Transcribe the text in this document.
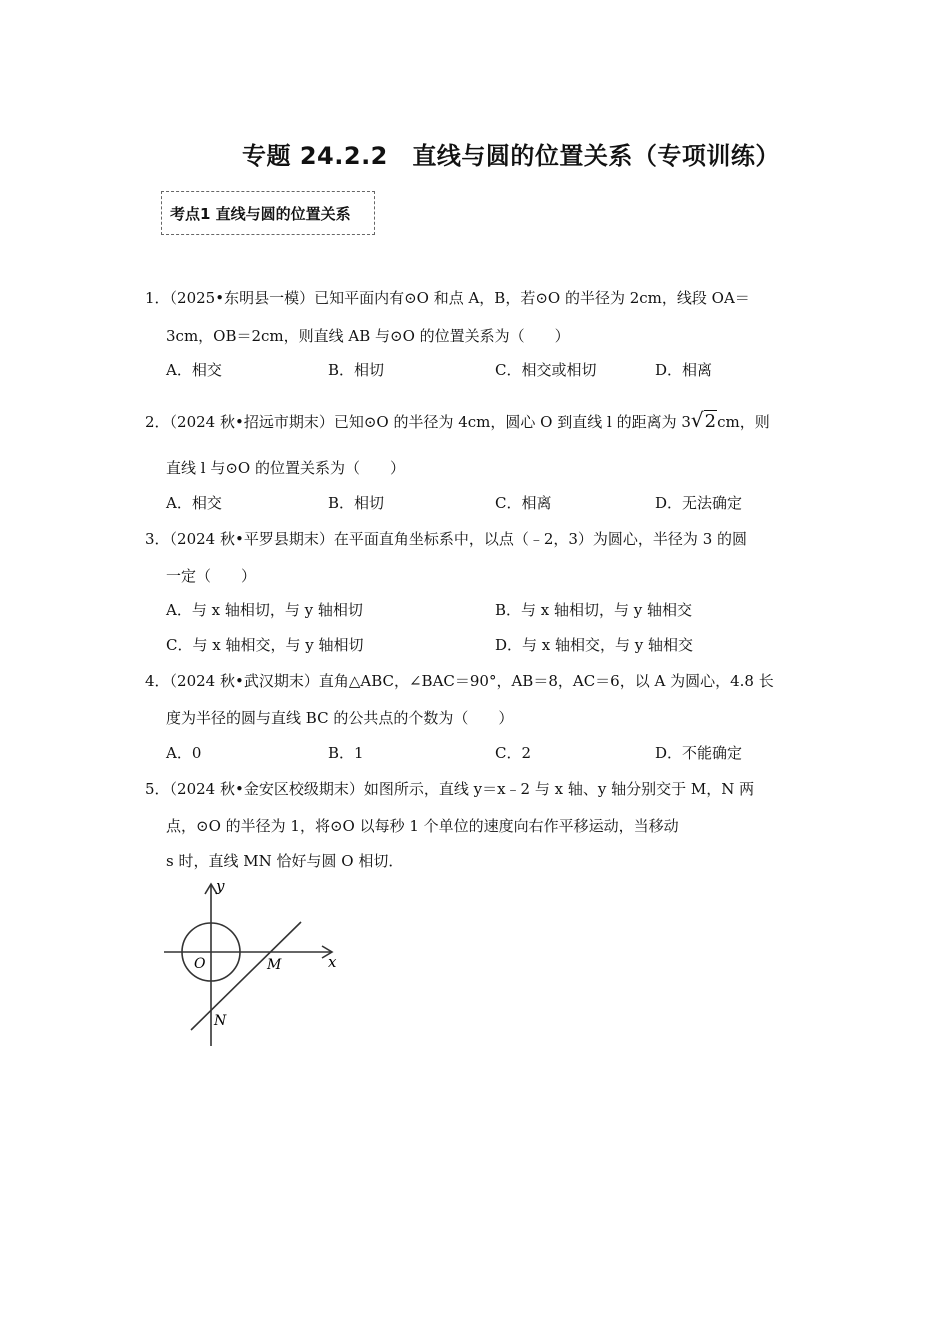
专题 24.2.2　直线与圆的位置关系（专项训练）
考点1 直线与圆的位置关系
1．（2025•东明县一模）已知平面内有⊙O 和点 A，B，若⊙O 的半径为 2cm，线段 OA＝
3cm，OB＝2cm，则直线 AB 与⊙O 的位置关系为（　　）
A．相交	B．相切	C．相交或相切	D．相离
2．（2024 秋•招远市期末）已知⊙O 的半径为 4cm，圆心 O 到直线 l 的距离为 3√2cm，则
直线 l 与⊙O 的位置关系为（　　）
A．相交	B．相切	C．相离	D．无法确定
3．（2024 秋•平罗县期末）在平面直角坐标系中，以点（﹣2，3）为圆心，半径为 3 的圆
一定（　　）
A．与 x 轴相切，与 y 轴相切	B．与 x 轴相切，与 y 轴相交
C．与 x 轴相交，与 y 轴相切	D．与 x 轴相交，与 y 轴相交
4．（2024 秋•武汉期末）直角△ABC，∠BAC＝90°，AB＝8，AC＝6，以 A 为圆心，4.8 长
度为半径的圆与直线 BC 的公共点的个数为（　　）
A．0	B．1	C．2	D．不能确定
5．（2024 秋•金安区校级期末）如图所示，直线 y＝x﹣2 与 x 轴、y 轴分别交于 M，N 两
点，⊙O 的半径为 1，将⊙O 以每秒 1 个单位的速度向右作平移运动，当移动
s 时，直线 MN 恰好与圆 O 相切．
y
x
O	M
N
